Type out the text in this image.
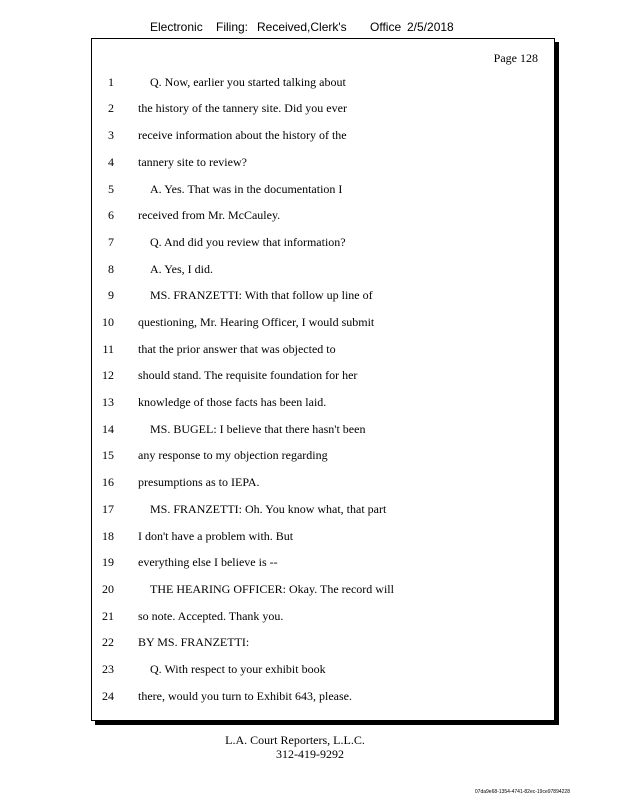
Electronic Filing: Received,Clerk's Office 2/5/2018
Page 128
1	Q. Now, earlier you started talking about
2 the history of the tannery site. Did you ever
3 receive information about the history of the
4 tannery site to review?
5	A. Yes. That was in the documentation I
6 received from Mr. McCauley.
7	Q. And did you review that information?
8	A. Yes, I did.
9	MS. FRANZETTI: With that follow up line of
10 questioning, Mr. Hearing Officer, I would submit
11 that the prior answer that was objected to
12 should stand. The requisite foundation for her
13 knowledge of those facts has been laid.
14	MS. BUGEL: I believe that there hasn't been
15 any response to my objection regarding
16 presumptions as to IEPA.
17	MS. FRANZETTI: Oh. You know what, that part
18 I don't have a problem with. But
19 everything else I believe is --
20	THE HEARING OFFICER: Okay. The record will
21 so note. Accepted. Thank you.
22 BY MS. FRANZETTI:
23	Q. With respect to your exhibit book
24 there, would you turn to Exhibit 643, please.
L.A. Court Reporters, L.L.C.
312-419-9292
07da9e68-1354-4741-82ec-19ce97894228
